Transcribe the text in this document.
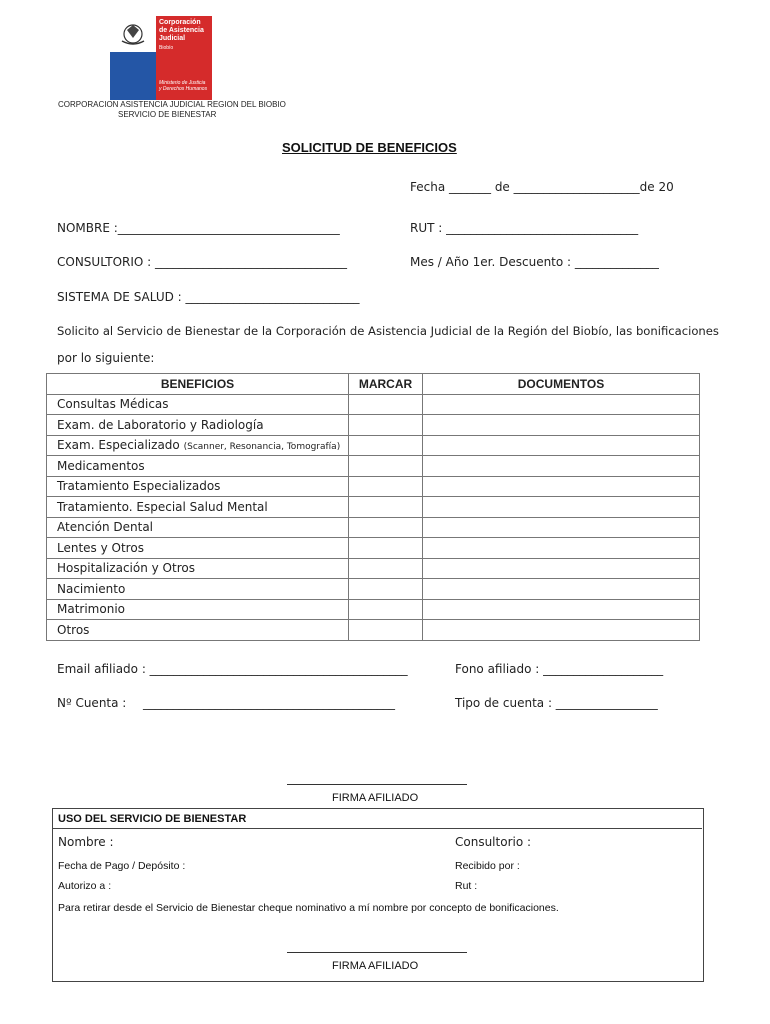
Corporación
de Asistencia
Judicial
Biobío
Ministerio de Justicia
y Derechos Humanos
CORPORACION ASISTENCIA JUDICIAL REGION DEL BIOBIO
SERVICIO DE BIENESTAR
SOLICITUD DE BENEFICIOS
Fecha _______ de _____________________de 20
NOMBRE :_____________________________________	RUT : ________________________________
CONSULTORIO : ________________________________	Mes / Año 1er. Descuento : ______________
SISTEMA DE SALUD : _____________________________
Solicito al Servicio de Bienestar de la Corporación de Asistencia Judicial de la Región del Biobío, las bonificaciones
por lo siguiente:
BENEFICIOS	MARCAR	DOCUMENTOS
Consultas Médicas		
Exam. de Laboratorio y Radiología		
Exam. Especializado (Scanner, Resonancia, Tomografía)		
Medicamentos		
Tratamiento Especializados		
Tratamiento. Especial Salud Mental		
Atención Dental		
Lentes y Otros		
Hospitalización y Otros		
Nacimiento		
Matrimonio		
Otros		
Email afiliado : ___________________________________________	Fono afiliado : ____________________
Nº Cuenta : __________________________________________	Tipo de cuenta : _________________
FIRMA AFILIADO
USO DEL SERVICIO DE BIENESTAR
Nombre :	Consultorio :
Fecha de Pago / Depósito :	Recibido por :
Autorizo a :	Rut :
Para retirar desde el Servicio de Bienestar cheque nominativo a mí nombre por concepto de bonificaciones.
FIRMA AFILIADO
